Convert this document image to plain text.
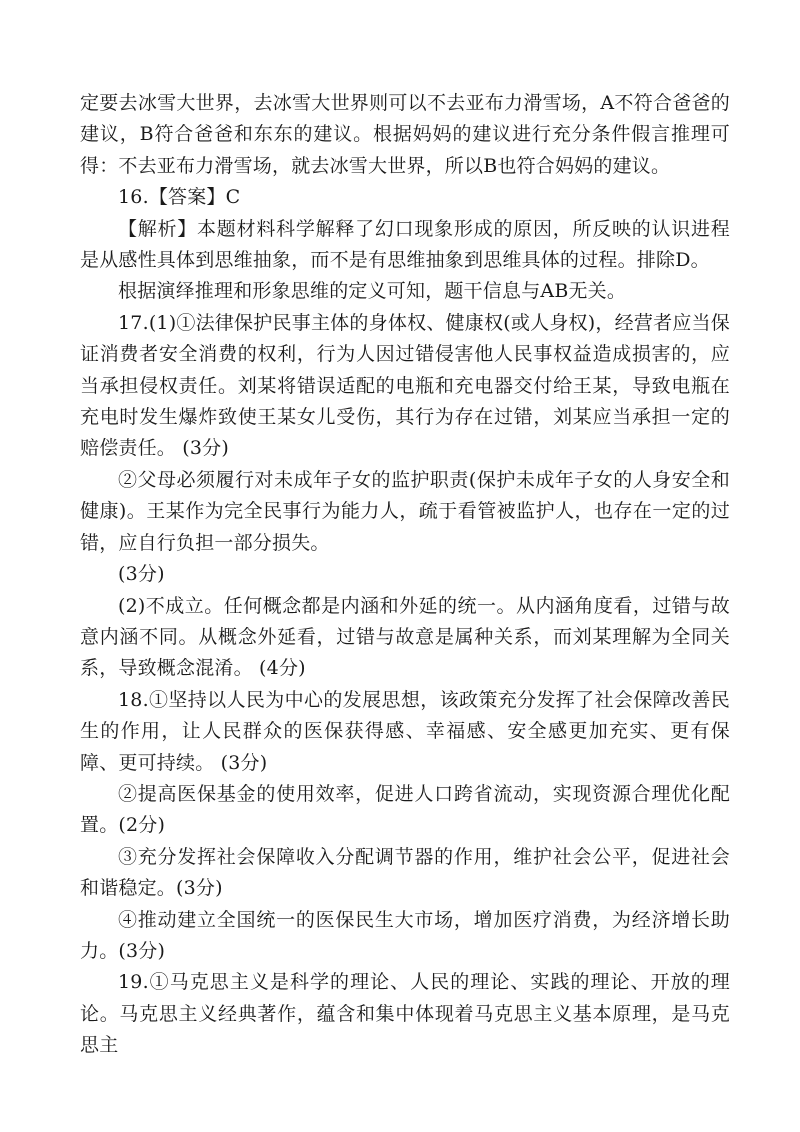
定要去冰雪大世界，去冰雪大世界则可以不去亚布力滑雪场，A不符合爸爸的建议，B符合爸爸和东东的建议。根据妈妈的建议进行充分条件假言推理可得：不去亚布力滑雪场，就去冰雪大世界，所以B也符合妈妈的建议。

16.【答案】C

【解析】本题材料科学解释了幻口现象形成的原因，所反映的认识进程是从感性具体到思维抽象，而不是有思维抽象到思维具体的过程。排除D。

根据演绎推理和形象思维的定义可知，题干信息与AB无关。

17.(1)①法律保护民事主体的身体权、健康权(或人身权)，经营者应当保证消费者安全消费的权利，行为人因过错侵害他人民事权益造成损害的，应当承担侵权责任。刘某将错误适配的电瓶和充电器交付给王某，导致电瓶在充电时发生爆炸致使王某女儿受伤，其行为存在过错，刘某应当承担一定的赔偿责任。 (3分)

②父母必须履行对未成年子女的监护职责(保护未成年子女的人身安全和健康)。王某作为完全民事行为能力人，疏于看管被监护人，也存在一定的过错，应自行负担一部分损失。

(3分)

(2)不成立。任何概念都是内涵和外延的统一。从内涵角度看，过错与故意内涵不同。从概念外延看，过错与故意是属种关系，而刘某理解为全同关系，导致概念混淆。 (4分)

18.①坚持以人民为中心的发展思想，该政策充分发挥了社会保障改善民生的作用，让人民群众的医保获得感、幸福感、安全感更加充实、更有保障、更可持续。 (3分)

②提高医保基金的使用效率，促进人口跨省流动，实现资源合理优化配置。(2分)

③充分发挥社会保障收入分配调节器的作用，维护社会公平，促进社会和谐稳定。(3分)

④推动建立全国统一的医保民生大市场，增加医疗消费，为经济增长助力。(3分)

19.①马克思主义是科学的理论、人民的理论、实践的理论、开放的理论。马克思主义经典著作，蕴含和集中体现着马克思主义基本原理，是马克思主
